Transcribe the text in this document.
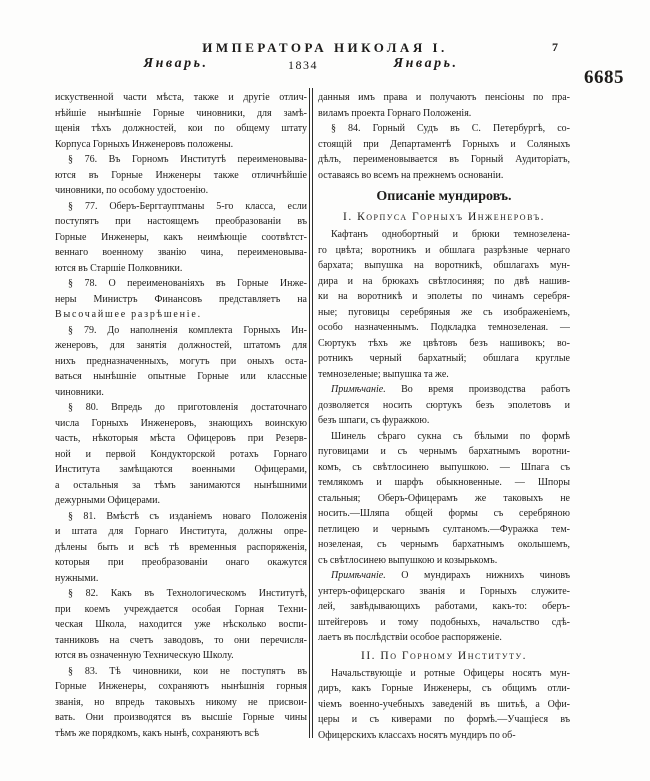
ИМПЕРАТОРА НИКОЛАЯ I.	7
Январь.	1834	Январь.
6685
искуственной части мѣста, также и другіе отлич-
нѣйшіе нынѣшніе Горные чиновники, для замѣ-
щенія тѣхъ должностей, кои по общему штату
Корпуса Горныхъ Инженеровъ положены.
§ 76. Въ Горномъ Институтѣ переименовыва-
ются въ Горные Инженеры также отличнѣйшіе
чиновники, по особому удостоенію.
§ 77. Оберъ-Берггауптманы 5-го класса, если
поступятъ при настоящемъ преобразованіи въ
Горные Инженеры, какъ неимѣющіе соотвѣтст-
веннаго военному званію чина, переименовыва-
ются въ Старшіе Полковники.
§ 78. О переименованіяхъ въ Горные Инже-
неры Министръ Финансовъ представляетъ на
Высочайшее разрѣшеніе.
§ 79. До наполненія комплекта Горныхъ Ин-
женеровъ, для занятія должностей, штатомъ для
нихъ предназначенныхъ, могутъ при оныхъ оста-
ваться нынѣшніе опытные Горные или классные
чиновники.
§ 80. Впредь до приготовленія достаточнаго
числа Горныхъ Инженеровъ, знающихъ воинскую
часть, нѣкоторыя мѣста Офицеровъ при Резерв-
ной и первой Кондукторской ротахъ Горнаго
Института замѣщаются военными Офицерами,
а остальныя за тѣмъ занимаются нынѣшними
дежурными Офицерами.
§ 81. Вмѣстѣ съ изданіемъ новаго Положенія
и штата для Горнаго Института, должны опре-
дѣлены быть и всѣ тѣ временныя распоряженія,
которыя при преобразованіи онаго окажутся
нужными.
§ 82. Какъ въ Технологическомъ Институтѣ,
при коемъ учреждается особая Горная Техни-
ческая Школа, находится уже нѣсколько воспи-
танниковъ на счетъ заводовъ, то они перечисля-
ются въ означенную Техническую Школу.
§ 83. Тѣ чиновники, кои не поступятъ въ
Горные Инженеры, сохраняютъ нынѣшнія горныя
званія, но впредь таковыхъ никому не присвои-
вать. Они производятся въ высшіе Горные чины
тѣмъ же порядкомъ, какъ нынѣ, сохраняютъ всѣ
данныя имъ права и получаютъ пенсіоны по пра-
виламъ проекта Горнаго Положенія.
§ 84. Горный Судъ въ С. Петербургѣ, со-
стоящій при Департаментѣ Горныхъ и Соляныхъ
дѣлъ, переименовывается въ Горный Аудиторіатъ,
оставаясь во всемъ на прежнемъ основаніи.
Описаніе мундировъ.
I. Корпуса Горныхъ Инженеровъ.
Кафтанъ однобортный и брюки темнозелена-
го цвѣта; воротникъ и обшлага разрѣзные чернаго
бархата; выпушка на воротникѣ, обшлагахъ мун-
дира и на брюкахъ свѣтлосиняя; по двѣ нашив-
ки на воротникѣ и эполеты по чинамъ серебря-
ные; пуговицы серебряныя же съ изображеніемъ,
особо назначеннымъ. Подкладка темнозеленая. —
Сюртукъ тѣхъ же цвѣтовъ безъ нашивокъ; во-
ротникъ черный бархатный; обшлага круглые
темнозеленые; выпушка та же.
Примѣчаніе. Во время производства работъ
дозволяется носить сюртукъ безъ эполетовъ и
безъ шпаги, съ фуражкою.
Шинель сѣраго сукна съ бѣлыми по формѣ
пуговицами и съ чернымъ бархатнымъ воротни-
комъ, съ свѣтлосинею выпушкою. — Шпага съ
темлякомъ и шарфъ обыкновенные. — Шпоры
стальныя; Оберъ-Офицерамъ же таковыхъ не
носить.—Шляпа общей формы съ серебряною
петлицею и чернымъ султаномъ.—Фуражка тем-
нозеленая, съ чернымъ бархатнымъ околышемъ,
съ свѣтлосинею выпушкою и козырькомъ.
Примѣчаніе. О мундирахъ нижнихъ чиновъ
унтеръ-офицерскаго званія и Горныхъ служите-
лей, завѣдывающихъ работами, какъ-то: оберъ-
штейгеровъ и тому подобныхъ, начальство сдѣ-
лаетъ въ послѣдствіи особое распоряженіе.
II. По Горному Институту.
Начальствующіе и ротные Офицеры носятъ мун-
диръ, какъ Горные Инженеры, съ общимъ отли-
чіемъ военно-учебныхъ заведеній въ шитьѣ, а Офи-
церы и съ киверами по формѣ.—Учащіеся въ
Офицерскихъ классахъ носятъ мундиръ по об-
